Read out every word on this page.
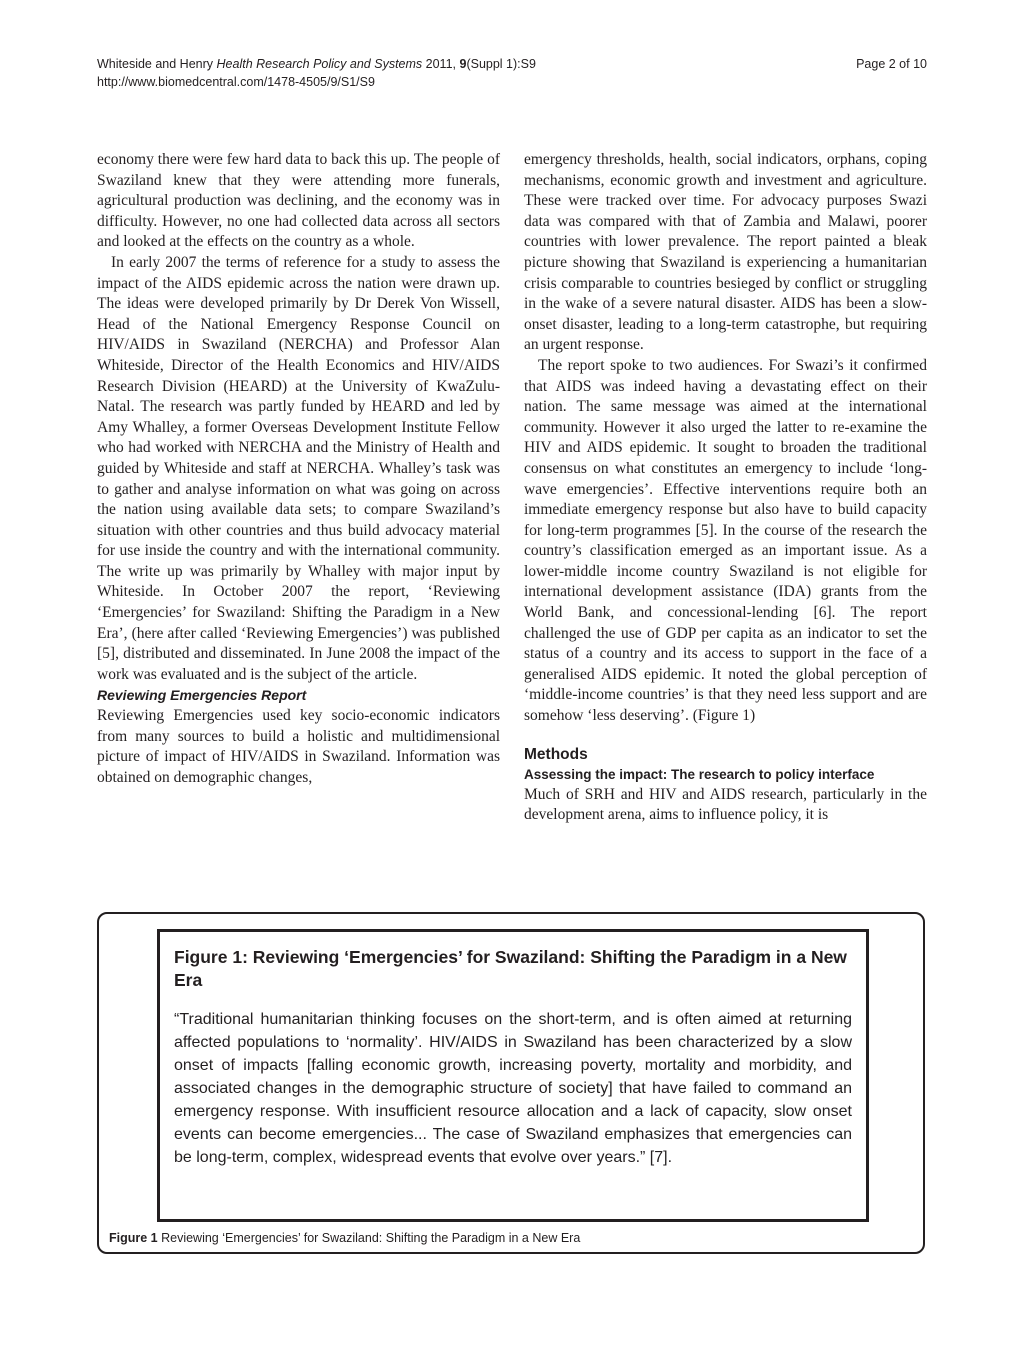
Whiteside and Henry Health Research Policy and Systems 2011, 9(Suppl 1):S9	Page 2 of 10
http://www.biomedcentral.com/1478-4505/9/S1/S9

economy there were few hard data to back this up. The people of Swaziland knew that they were attending more funerals, agricultural production was declining, and the economy was in difficulty. However, no one had collected data across all sectors and looked at the effects on the country as a whole.

In early 2007 the terms of reference for a study to assess the impact of the AIDS epidemic across the nation were drawn up. The ideas were developed primarily by Dr Derek Von Wissell, Head of the National Emergency Response Council on HIV/AIDS in Swaziland (NERCHA) and Professor Alan Whiteside, Director of the Health Economics and HIV/AIDS Research Division (HEARD) at the University of KwaZulu-Natal. The research was partly funded by HEARD and led by Amy Whalley, a former Overseas Development Institute Fellow who had worked with NERCHA and the Ministry of Health and guided by Whiteside and staff at NERCHA. Whalley’s task was to gather and analyse information on what was going on across the nation using available data sets; to compare Swaziland’s situation with other countries and thus build advocacy material for use inside the country and with the international community. The write up was primarily by Whalley with major input by Whiteside. In October 2007 the report, ‘Reviewing ‘Emergencies’ for Swaziland: Shifting the Paradigm in a New Era’, (here after called ‘Reviewing Emergencies’) was published [5], distributed and disseminated. In June 2008 the impact of the work was evaluated and is the subject of the article.

Reviewing Emergencies Report

Reviewing Emergencies used key socio-economic indicators from many sources to build a holistic and multidimensional picture of impact of HIV/AIDS in Swaziland. Information was obtained on demographic changes,

emergency thresholds, health, social indicators, orphans, coping mechanisms, economic growth and investment and agriculture. These were tracked over time. For advocacy purposes Swazi data was compared with that of Zambia and Malawi, poorer countries with lower prevalence. The report painted a bleak picture showing that Swaziland is experiencing a humanitarian crisis comparable to countries besieged by conflict or struggling in the wake of a severe natural disaster. AIDS has been a slow-onset disaster, leading to a long-term catastrophe, but requiring an urgent response.

The report spoke to two audiences. For Swazi’s it confirmed that AIDS was indeed having a devastating effect on their nation. The same message was aimed at the international community. However it also urged the latter to re-examine the HIV and AIDS epidemic. It sought to broaden the traditional consensus on what constitutes an emergency to include ‘long-wave emergencies’. Effective interventions require both an immediate emergency response but also have to build capacity for long-term programmes [5]. In the course of the research the country’s classification emerged as an important issue. As a lower-middle income country Swaziland is not eligible for international development assistance (IDA) grants from the World Bank, and concessional-lending [6]. The report challenged the use of GDP per capita as an indicator to set the status of a country and its access to support in the face of a generalised AIDS epidemic. It noted the global perception of ‘middle-income countries’ is that they need less support and are somehow ‘less deserving’. (Figure 1)

Methods
Assessing the impact: The research to policy interface

Much of SRH and HIV and AIDS research, particularly in the development arena, aims to influence policy, it is

Figure 1: Reviewing ‘Emergencies’ for Swaziland: Shifting the Paradigm in a New Era

“Traditional humanitarian thinking focuses on the short-term, and is often aimed at returning affected populations to ‘normality’. HIV/AIDS in Swaziland has been characterized by a slow onset of impacts [falling economic growth, increasing poverty, mortality and morbidity, and associated changes in the demographic structure of society] that have failed to command an emergency response. With insufficient resource allocation and a lack of capacity, slow onset events can become emergencies... The case of Swaziland emphasizes that emergencies can be long-term, complex, widespread events that evolve over years.” [7].

Figure 1 Reviewing ‘Emergencies’ for Swaziland: Shifting the Paradigm in a New Era
